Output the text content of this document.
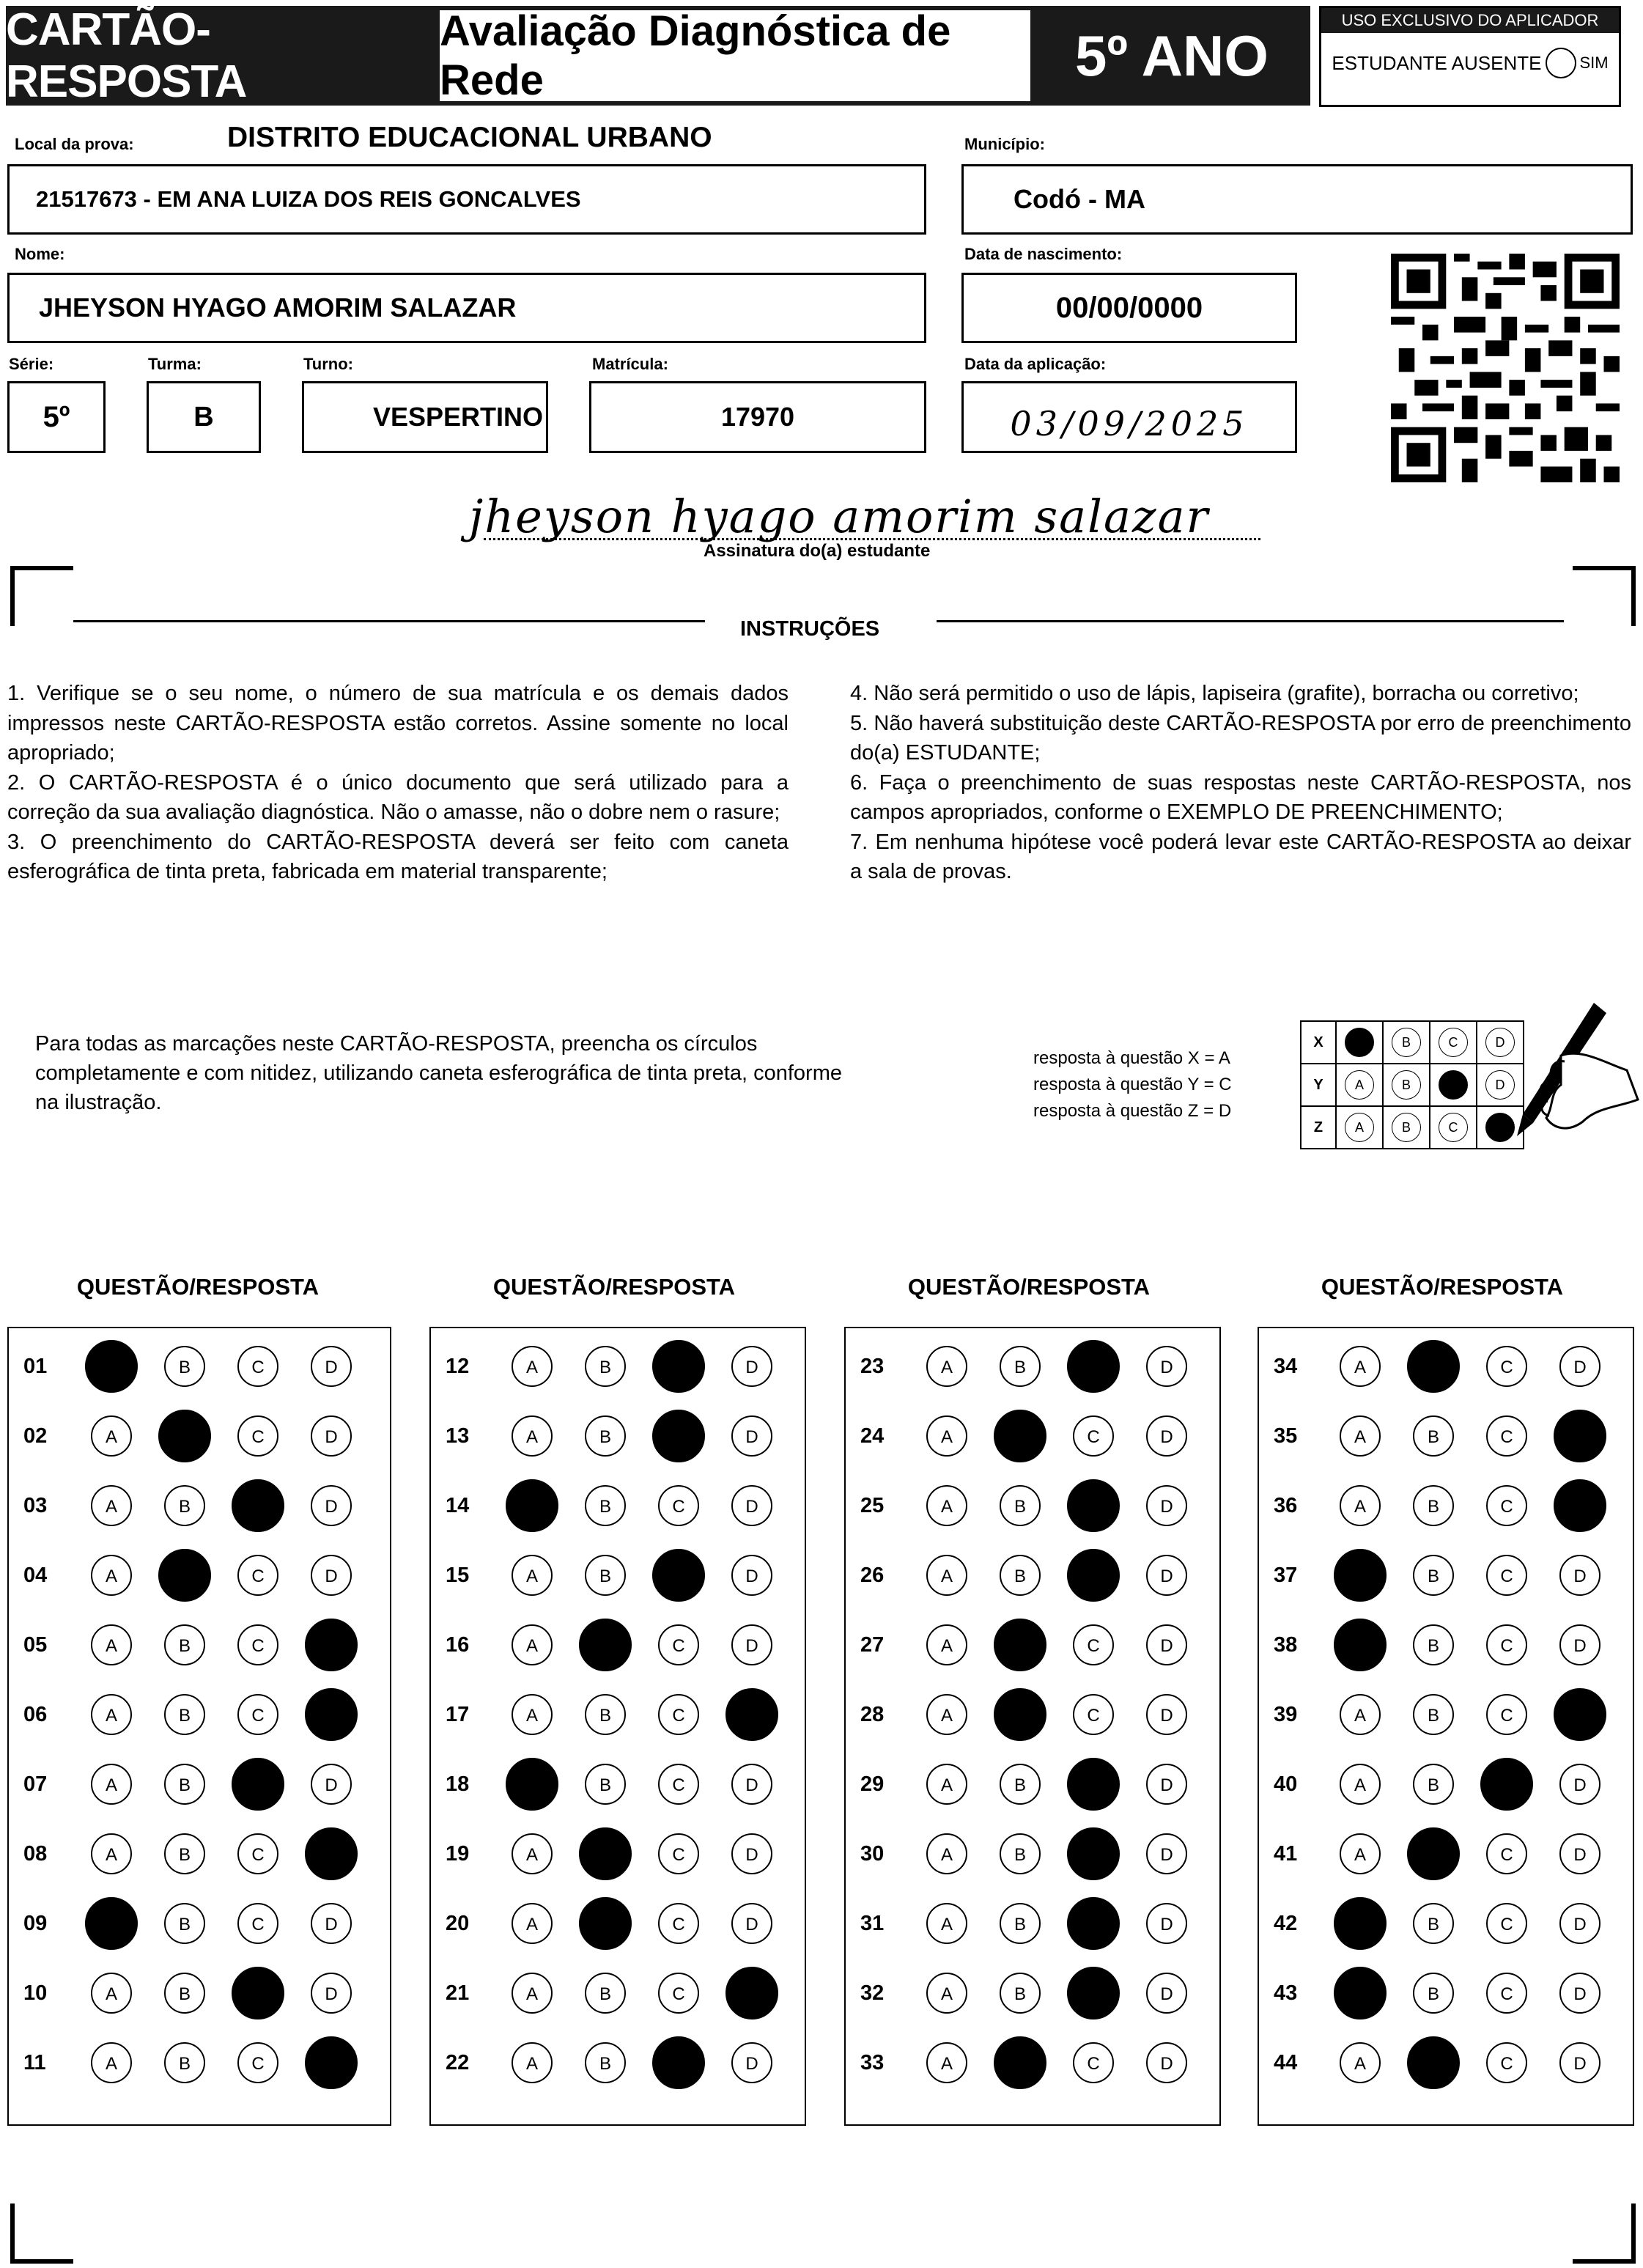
CARTÃO-RESPOSTA
Avaliação Diagnóstica de Rede	5º ANO
USO EXCLUSIVO DO APLICADOR
ESTUDANTE AUSENTE SIM
Local da prova:	DISTRITO EDUCACIONAL URBANO
21517673 - EM ANA LUIZA DOS REIS GONCALVES
Município:
Codó - MA
Nome:
JHEYSON HYAGO AMORIM SALAZAR
Data de nascimento:
00/00/0000
Série:
5º
Turma:
B
Turno:
VESPERTINO
Matrícula:
17970
Data da aplicação:
03/09/2025
jheyson hyago amorim salazar
Assinatura do(a) estudante
INSTRUÇÕES
1. Verifique se o seu nome, o número de sua matrícula e os demais dados impressos neste CARTÃO-RESPOSTA estão corretos. Assine somente no local apropriado;
2. O CARTÃO-RESPOSTA é o único documento que será utilizado para a correção da sua avaliação diagnóstica. Não o amasse, não o dobre nem o rasure;
3. O preenchimento do CARTÃO-RESPOSTA deverá ser feito com caneta esferográfica de tinta preta, fabricada em material transparente;
4. Não será permitido o uso de lápis, lapiseira (grafite), borracha ou corretivo;
5. Não haverá substituição deste CARTÃO-RESPOSTA por erro de preenchimento do(a) ESTUDANTE;
6. Faça o preenchimento de suas respostas neste CARTÃO-RESPOSTA, nos campos apropriados, conforme o EXEMPLO DE PREENCHIMENTO;
7. Em nenhuma hipótese você poderá levar este CARTÃO-RESPOSTA ao deixar a sala de provas.
Para todas as marcações neste CARTÃO-RESPOSTA, preencha os círculos completamente e com nitidez, utilizando caneta esferográfica de tinta preta, conforme na ilustração.
resposta à questão X = A
resposta à questão Y = C
resposta à questão Z = D
X	A	B	C	D
Y	A	B	C	D
Z	A	B	C	D
QUESTÃO/RESPOSTA	QUESTÃO/RESPOSTA	QUESTÃO/RESPOSTA	QUESTÃO/RESPOSTA
01	A	B	C	D
02	A	B	C	D
03	A	B	C	D
04	A	B	C	D
05	A	B	C	D
06	A	B	C	D
07	A	B	C	D
08	A	B	C	D
09	A	B	C	D
10	A	B	C	D
11	A	B	C	D
12	A	B	C	D
13	A	B	C	D
14	A	B	C	D
15	A	B	C	D
16	A	B	C	D
17	A	B	C	D
18	A	B	C	D
19	A	B	C	D
20	A	B	C	D
21	A	B	C	D
22	A	B	C	D
23	A	B	C	D
24	A	B	C	D
25	A	B	C	D
26	A	B	C	D
27	A	B	C	D
28	A	B	C	D
29	A	B	C	D
30	A	B	C	D
31	A	B	C	D
32	A	B	C	D
33	A	B	C	D
34	A	B	C	D
35	A	B	C	D
36	A	B	C	D
37	A	B	C	D
38	A	B	C	D
39	A	B	C	D
40	A	B	C	D
41	A	B	C	D
42	A	B	C	D
43	A	B	C	D
44	A	B	C	D
